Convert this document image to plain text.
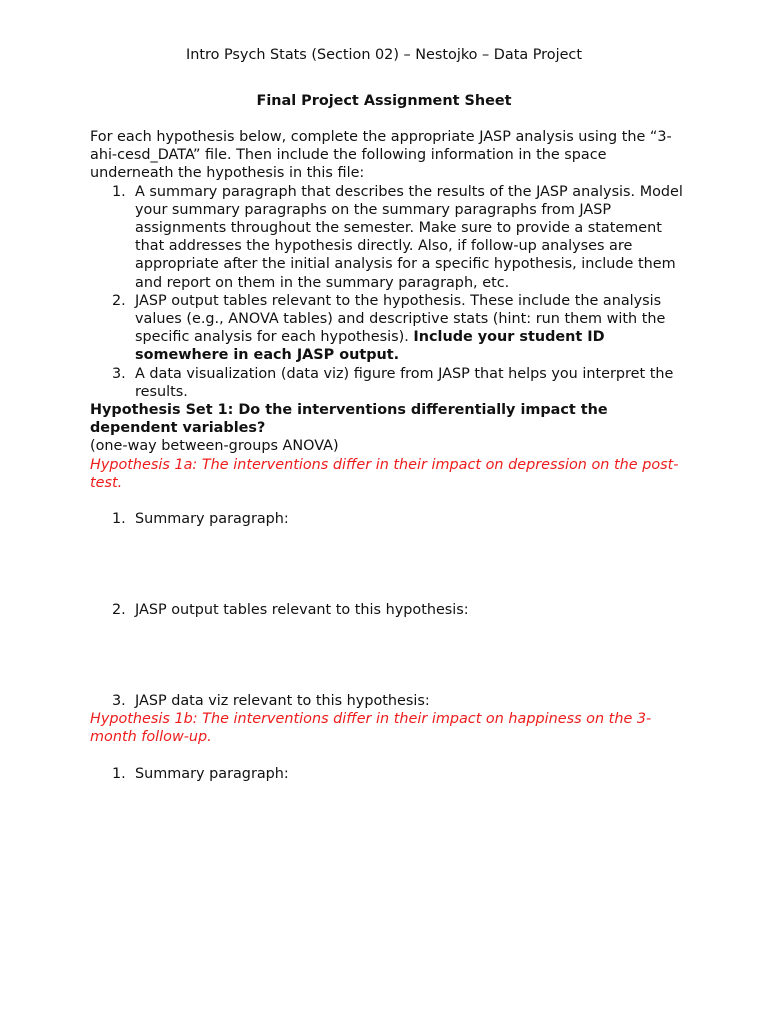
Intro Psych Stats (Section 02) – Nestojko – Data Project
Final Project Assignment Sheet

For each hypothesis below, complete the appropriate JASP analysis using the “3-ahi-cesd_DATA” file. Then include the following information in the space underneath the hypothesis in this file:

1. A summary paragraph that describes the results of the JASP analysis. Model your summary paragraphs on the summary paragraphs from JASP assignments throughout the semester. Make sure to provide a statement that addresses the hypothesis directly. Also, if follow-up analyses are appropriate after the initial analysis for a specific hypothesis, include them and report on them in the summary paragraph, etc.
2. JASP output tables relevant to the hypothesis. These include the analysis values (e.g., ANOVA tables) and descriptive stats (hint: run them with the specific analysis for each hypothesis). Include your student ID somewhere in each JASP output.
3. A data visualization (data viz) figure from JASP that helps you interpret the results.

Hypothesis Set 1: Do the interventions differentially impact the dependent variables?

(one-way between-groups ANOVA)

Hypothesis 1a: The interventions differ in their impact on depression on the post-test.

1. Summary paragraph:
2. JASP output tables relevant to this hypothesis:
3. JASP data viz relevant to this hypothesis:

Hypothesis 1b: The interventions differ in their impact on happiness on the 3-month follow-up.

1. Summary paragraph:
